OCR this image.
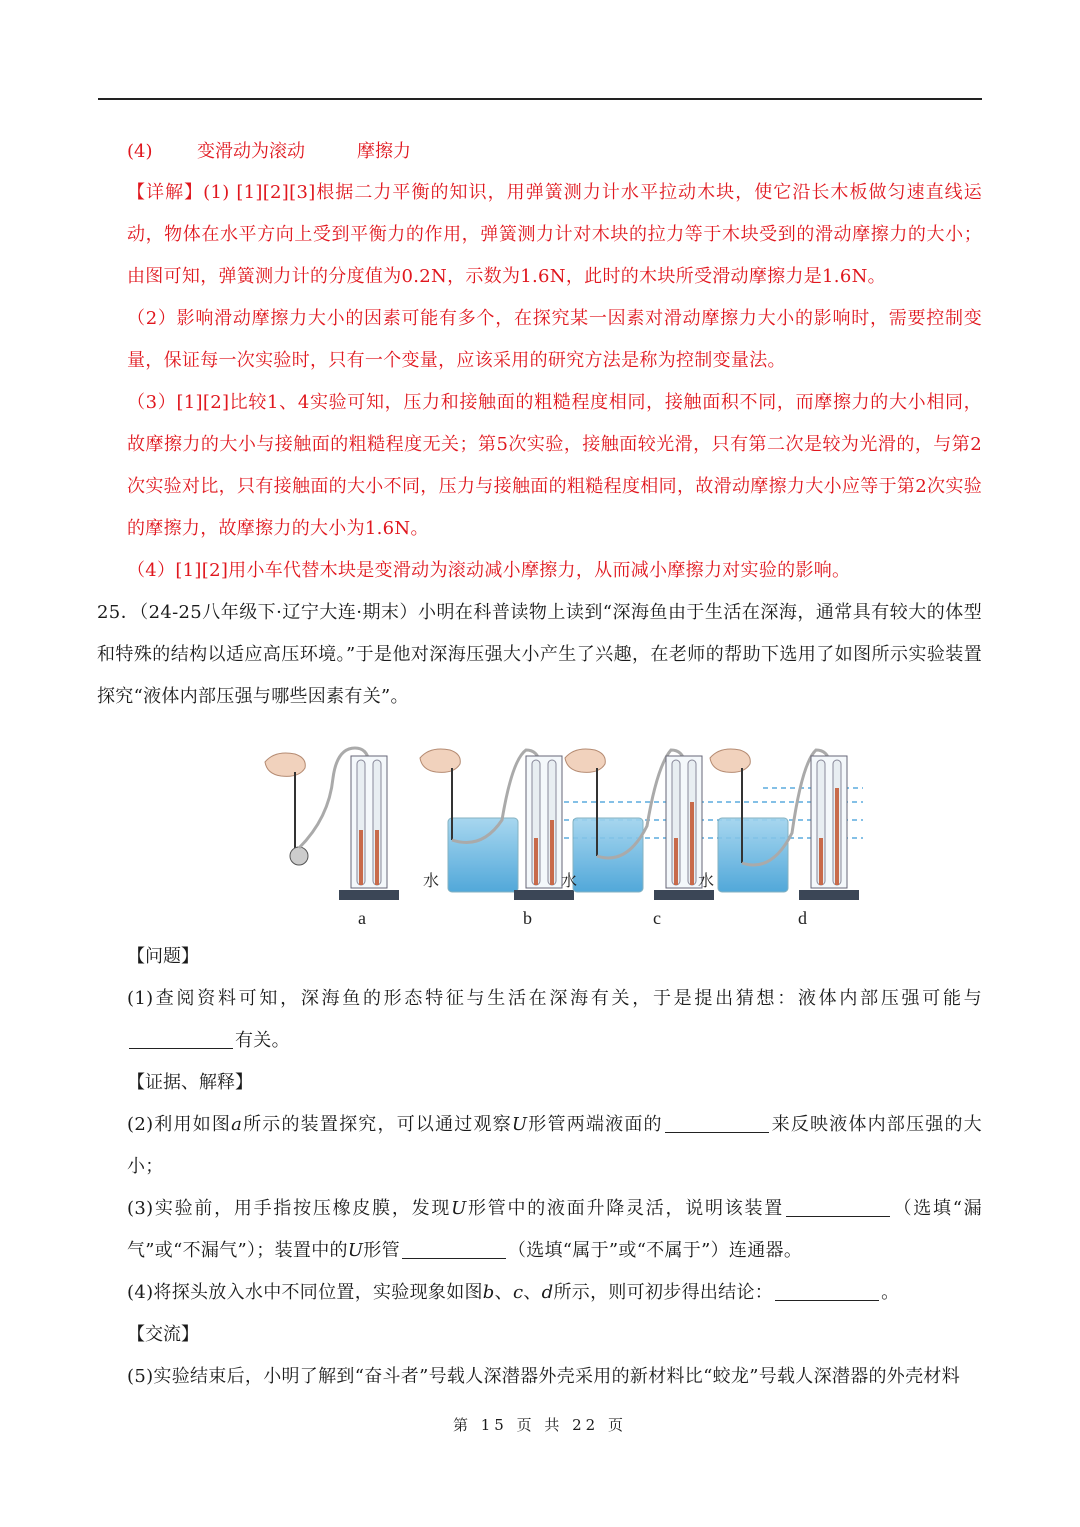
(4)	变滑动为滚动	摩擦力

【详解】(1) [1][2][3]根据二力平衡的知识，用弹簧测力计水平拉动木块，使它沿长木板做匀速直线运动，物体在水平方向上受到平衡力的作用，弹簧测力计对木块的拉力等于木块受到的滑动摩擦力的大小；由图可知，弹簧测力计的分度值为0.2N，示数为1.6N，此时的木块所受滑动摩擦力是1.6N。

（2）影响滑动摩擦力大小的因素可能有多个，在探究某一因素对滑动摩擦力大小的影响时，需要控制变量，保证每一次实验时，只有一个变量，应该采用的研究方法是称为控制变量法。

（3）[1][2]比较1、4实验可知，压力和接触面的粗糙程度相同，接触面积不同，而摩擦力的大小相同，故摩擦力的大小与接触面的粗糙程度无关；第5次实验，接触面较光滑，只有第二次是较为光滑的，与第2次实验对比，只有接触面的大小不同，压力与接触面的粗糙程度相同，故滑动摩擦力大小应等于第2次实验的摩擦力，故摩擦力的大小为1.6N。

（4）[1][2]用小车代替木块是变滑动为滚动减小摩擦力，从而减小摩擦力对实验的影响。

25．（24-25八年级下·辽宁大连·期末）小明在科普读物上读到“深海鱼由于生活在深海，通常具有较大的体型和特殊的结构以适应高压环境。”于是他对深海压强大小产生了兴趣，在老师的帮助下选用了如图所示实验装置探究“液体内部压强与哪些因素有关”。

a	b	c	d
水	水	水

【问题】

(1)查阅资料可知，深海鱼的形态特征与生活在深海有关，于是提出猜想：液体内部压强可能与有关。

【证据、解释】

(2)利用如图a所示的装置探究，可以通过观察U形管两端液面的	来反映液体内部压强的大小；

(3)实验前，用手指按压橡皮膜，发现U形管中的液面升降灵活，说明该装置	（选填“漏气”或“不漏气”）；装置中的U形管	（选填“属于”或“不属于”）连通器。

(4)将探头放入水中不同位置，实验现象如图b、c、d所示，则可初步得出结论：	。

【交流】

(5)实验结束后，小明了解到“奋斗者”号载人深潜器外壳采用的新材料比“蛟龙”号载人深潜器的外壳材料

第 15 页 共 22 页
